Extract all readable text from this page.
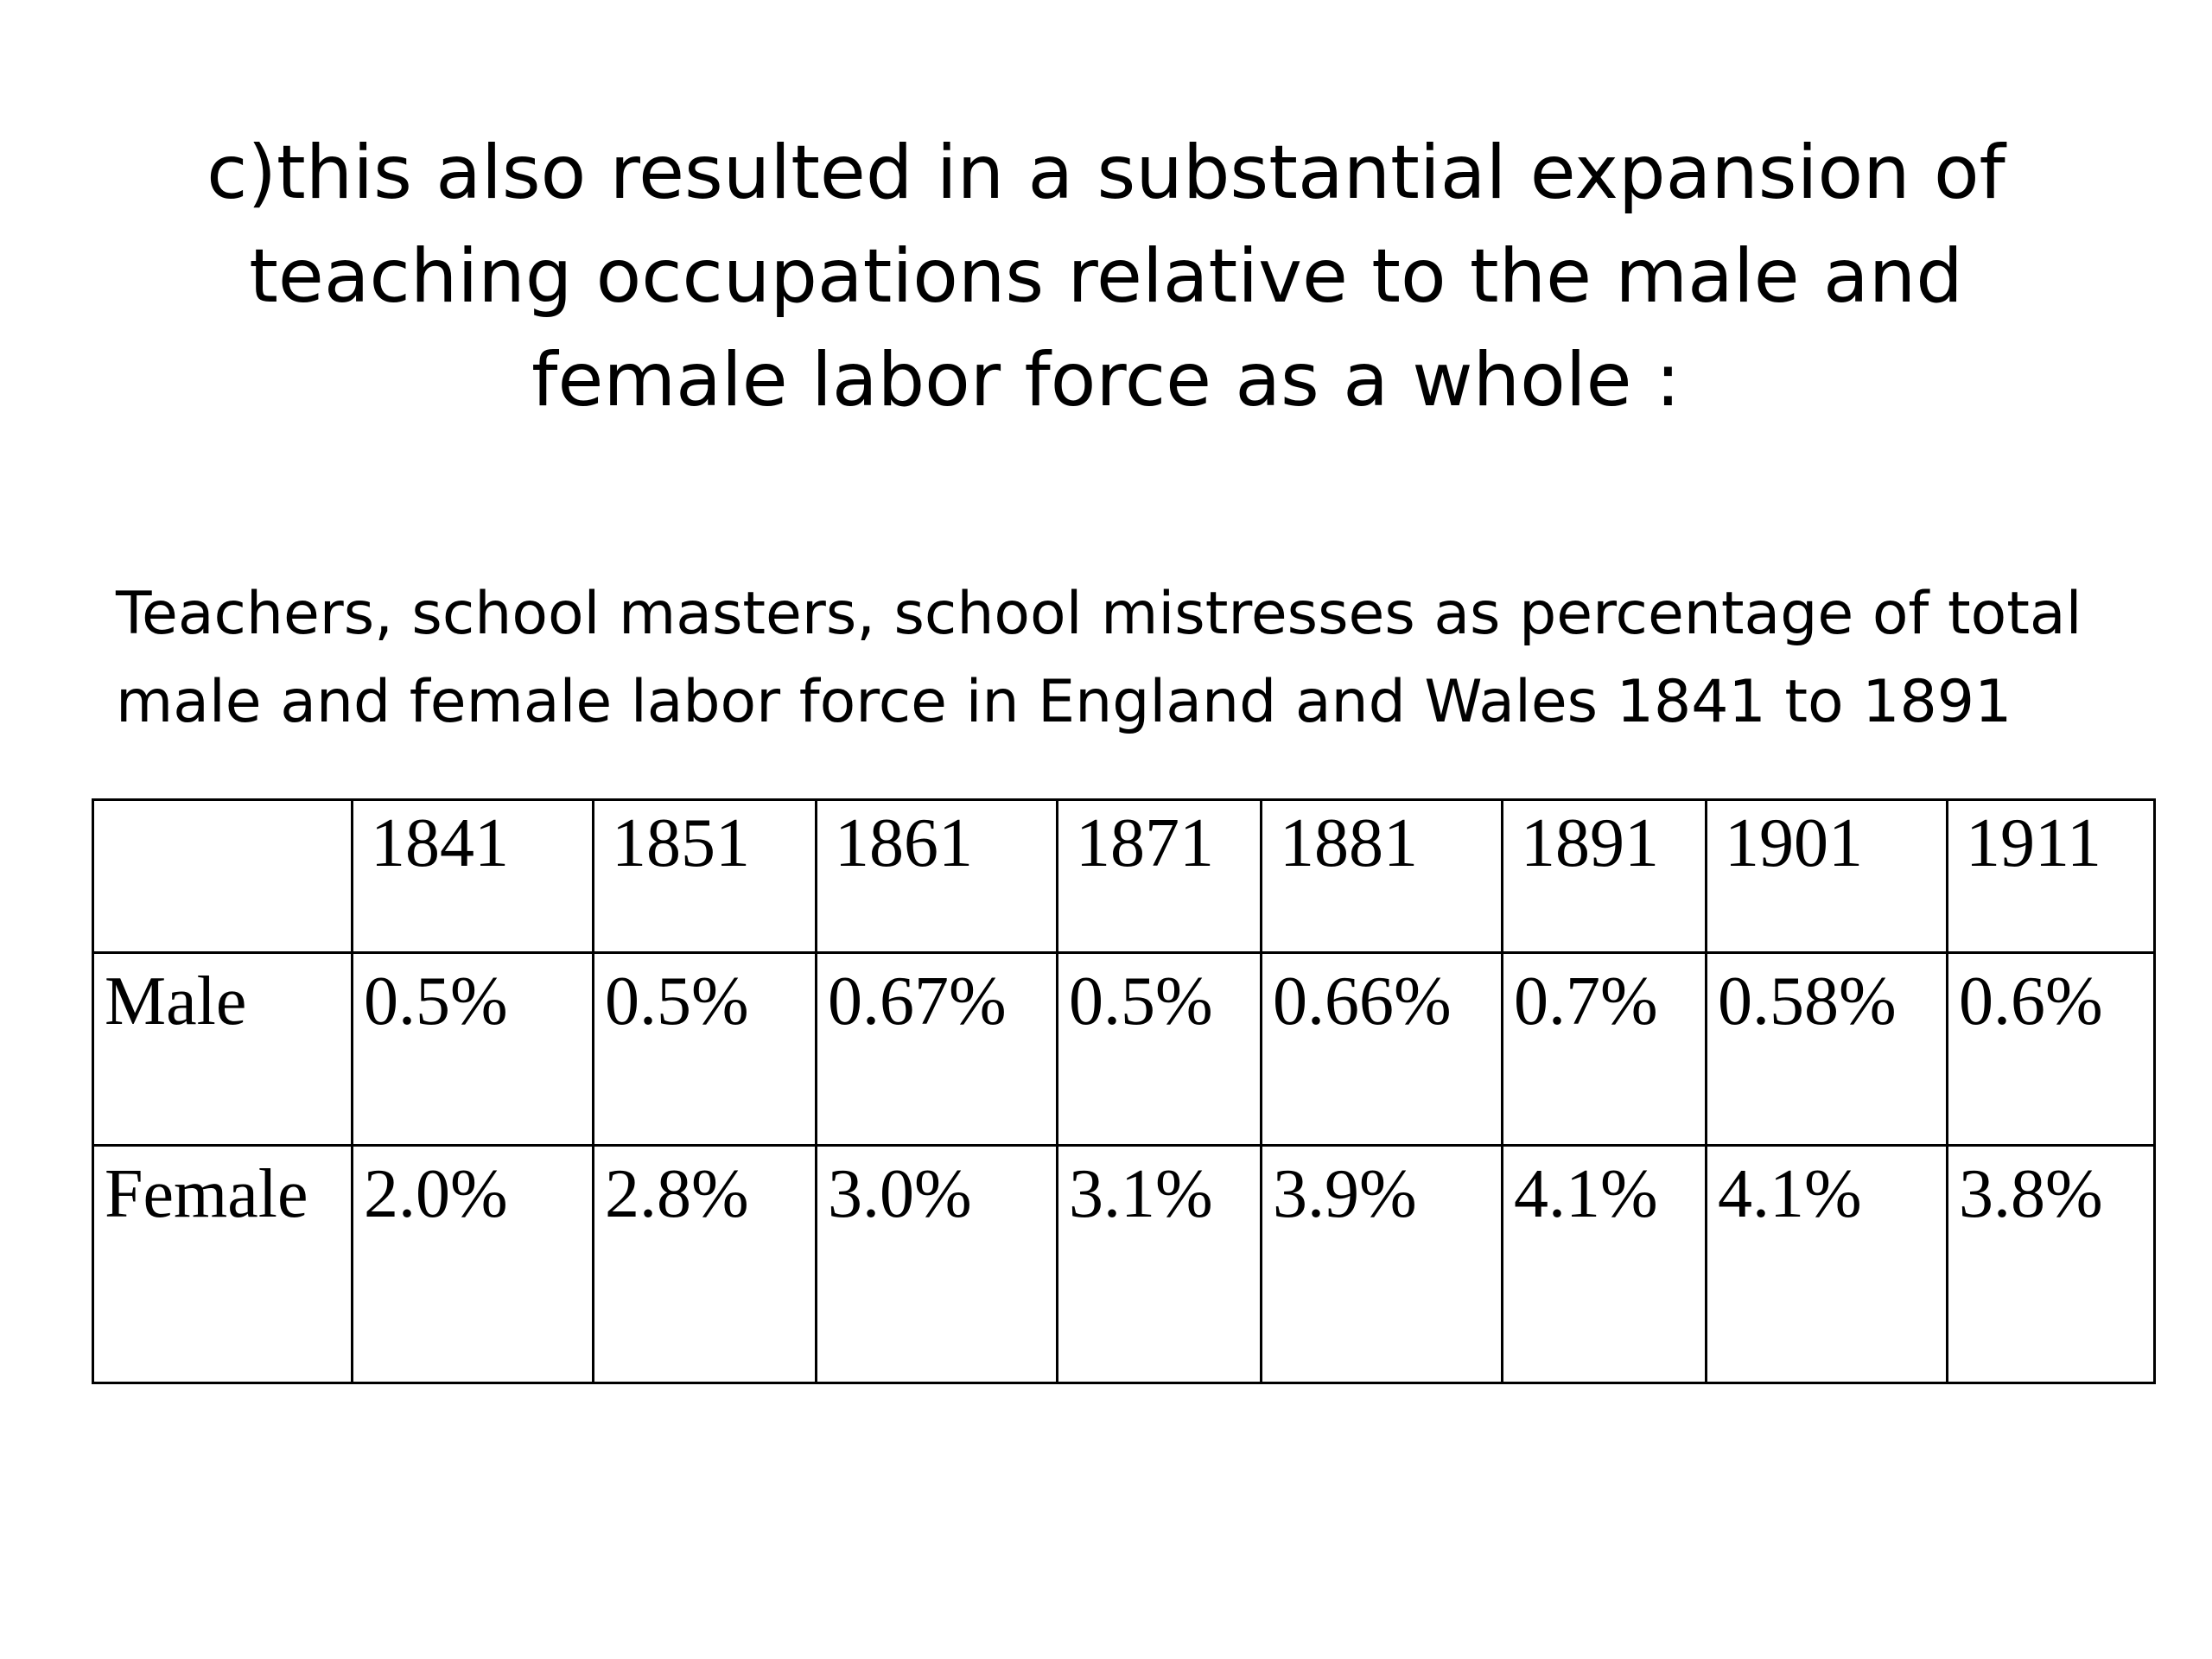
c)this also resulted in a substantial expansion of teaching occupations relative to the male and female labor force as a whole :

Teachers, school masters, school mistresses as percentage of total male and female labor force in England and Wales 1841 to 1891

	1841	1851	1861	1871	1881	1891	1901	1911
Male	0.5%	0.5%	0.67%	0.5%	0.66%	0.7%	0.58%	0.6%
Female	2.0%	2.8%	3.0%	3.1%	3.9%	4.1%	4.1%	3.8%
